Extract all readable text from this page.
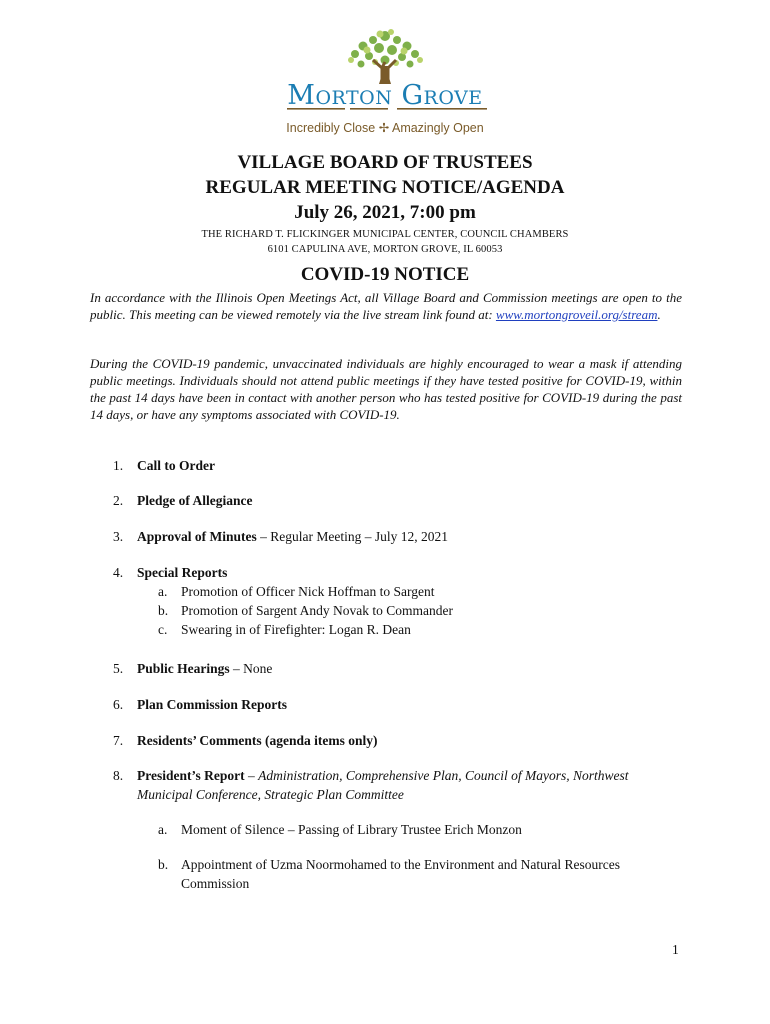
Morton Grove
Incredibly Close ✢ Amazingly Open
VILLAGE BOARD OF TRUSTEES
REGULAR MEETING NOTICE/AGENDA
July 26, 2021, 7:00 pm
THE RICHARD T. FLICKINGER MUNICIPAL CENTER, COUNCIL CHAMBERS
6101 CAPULINA AVE, MORTON GROVE, IL 60053
COVID-19 NOTICE
In accordance with the Illinois Open Meetings Act, all Village Board and Commission meetings are open to the public. This meeting can be viewed remotely via the live stream link found at: www.mortongroveil.org/stream.
During the COVID-19 pandemic, unvaccinated individuals are highly encouraged to wear a mask if attending public meetings. Individuals should not attend public meetings if they have tested positive for COVID-19, within the past 14 days have been in contact with another person who has tested positive for COVID-19 during the past 14 days, or have any symptoms associated with COVID-19.
1.	Call to Order
2.	Pledge of Allegiance
3.	Approval of Minutes – Regular Meeting – July 12, 2021
4.	Special Reports
a.	Promotion of Officer Nick Hoffman to Sargent
b. Promotion of Sargent Andy Novak to Commander
c.	Swearing in of Firefighter: Logan R. Dean
5.	Public Hearings – None
6.	Plan Commission Reports
7.	Residents’ Comments (agenda items only)
8.	President’s Report – Administration, Comprehensive Plan, Council of Mayors, Northwest Municipal Conference, Strategic Plan Committee
a.	Moment of Silence – Passing of Library Trustee Erich Monzon
b. Appointment of Uzma Noormohamed to the Environment and Natural Resources Commission
1
